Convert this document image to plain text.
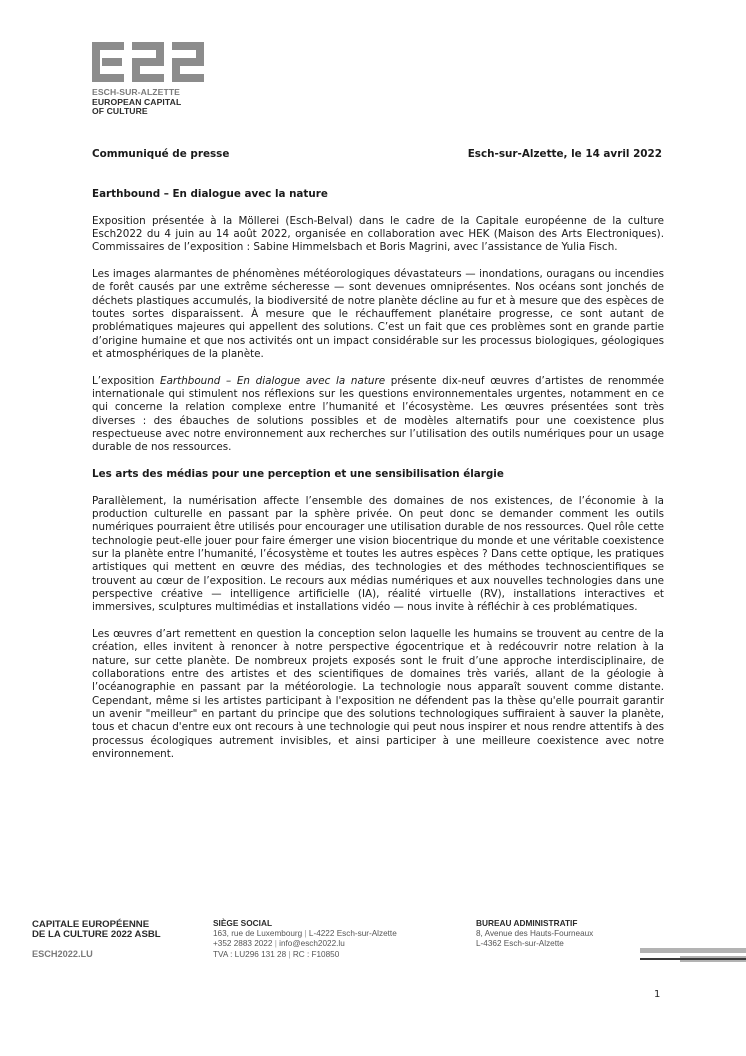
ESCH-SUR-ALZETTE
EUROPEAN CAPITAL
OF CULTURE
Communiqué de presse	Esch-sur-Alzette, le 14 avril 2022
Earthbound – En dialogue avec la nature

Exposition présentée à la Möllerei (Esch-Belval) dans le cadre de la Capitale européenne de la culture Esch2022 du 4 juin au 14 août 2022, organisée en collaboration avec HEK (Maison des Arts Electroniques). Commissaires de l’exposition : Sabine Himmelsbach et Boris Magrini, avec l’assistance de Yulia Fisch.

Les images alarmantes de phénomènes météorologiques dévastateurs — inondations, ouragans ou incendies de forêt causés par une extrême sécheresse — sont devenues omniprésentes. Nos océans sont jonchés de déchets plastiques accumulés, la biodiversité de notre planète décline au fur et à mesure que des espèces de toutes sortes disparaissent. À mesure que le réchauffement planétaire progresse, ce sont autant de problématiques majeures qui appellent des solutions. C’est un fait que ces problèmes sont en grande partie d’origine humaine et que nos activités ont un impact considérable sur les processus biologiques, géologiques et atmosphériques de la planète.

L’exposition Earthbound – En dialogue avec la nature présente dix-neuf œuvres d’artistes de renommée internationale qui stimulent nos réflexions sur les questions environnementales urgentes, notamment en ce qui concerne la relation complexe entre l’humanité et l’écosystème. Les œuvres présentées sont très diverses : des ébauches de solutions possibles et de modèles alternatifs pour une coexistence plus respectueuse avec notre environnement aux recherches sur l’utilisation des outils numériques pour un usage durable de nos ressources.

Les arts des médias pour une perception et une sensibilisation élargie

Parallèlement, la numérisation affecte l’ensemble des domaines de nos existences, de l’économie à la production culturelle en passant par la sphère privée. On peut donc se demander comment les outils numériques pourraient être utilisés pour encourager une utilisation durable de nos ressources. Quel rôle cette technologie peut-elle jouer pour faire émerger une vision biocentrique du monde et une véritable coexistence sur la planète entre l’humanité, l’écosystème et toutes les autres espèces ? Dans cette optique, les pratiques artistiques qui mettent en œuvre des médias, des technologies et des méthodes technoscientifiques se trouvent au cœur de l’exposition. Le recours aux médias numériques et aux nouvelles technologies dans une perspective créative — intelligence artificielle (IA), réalité virtuelle (RV), installations interactives et immersives, sculptures multimédias et installations vidéo — nous invite à réfléchir à ces problématiques.

Les œuvres d’art remettent en question la conception selon laquelle les humains se trouvent au centre de la création, elles invitent à renoncer à notre perspective égocentrique et à redécouvrir notre relation à la nature, sur cette planète. De nombreux projets exposés sont le fruit d’une approche interdisciplinaire, de collaborations entre des artistes et des scientifiques de domaines très variés, allant de la géologie à l’océanographie en passant par la météorologie. La technologie nous apparaît souvent comme distante. Cependant, même si les artistes participant à l'exposition ne défendent pas la thèse qu'elle pourrait garantir un avenir "meilleur" en partant du principe que des solutions technologiques suffiraient à sauver la planète, tous et chacun d'entre eux ont recours à une technologie qui peut nous inspirer et nous rendre attentifs à des processus écologiques autrement invisibles, et ainsi participer à une meilleure coexistence avec notre environnement.

CAPITALE EUROPÉENNE
DE LA CULTURE 2022 ASBL
ESCH2022.LU
SIÈGE SOCIAL
163, rue de Luxembourg | L-4222 Esch-sur-Alzette
+352 2883 2022 | info@esch2022.lu
TVA : LU296 131 28 | RC : F10850
BUREAU ADMINISTRATIF
8, Avenue des Hauts-Fourneaux
L-4362 Esch-sur-Alzette
1
